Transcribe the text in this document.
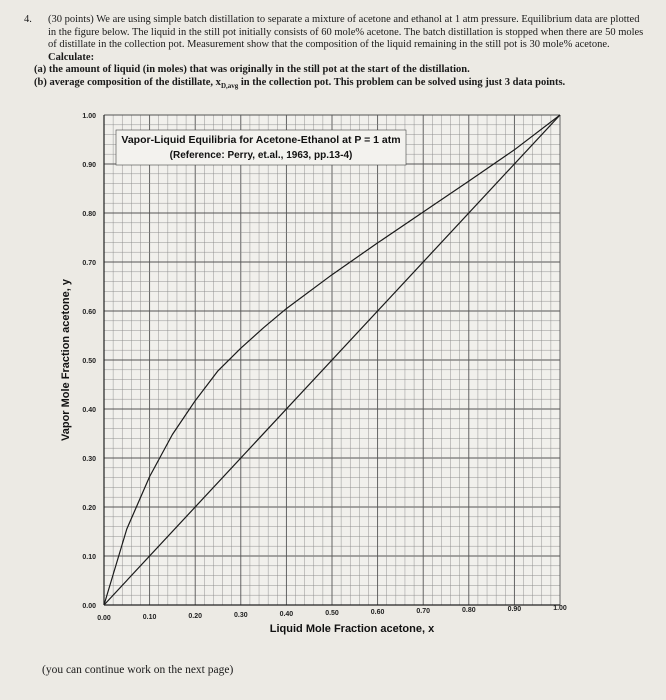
4. (30 points) We are using simple batch distillation to separate a mixture of acetone and ethanol at 1 atm pressure. Equilibrium data are plotted in the figure below. The liquid in the still pot initially consists of 60 mole% acetone. The batch distillation is stopped when there are 50 moles of distillate in the collection pot. Measurement show that the composition of the liquid remaining in the still pot is 30 mole% acetone. Calculate:
(a) the amount of liquid (in moles) that was originally in the still pot at the start of the distillation.
(b) average composition of the distillate, $x_{D,avg}$ in the collection pot. This problem can be solved using just 3 data points.
0.00	0.10	0.20	0.30	0.40	0.50	0.60	0.70	0.80	0.90	1.00
0.00
0.10
0.20
0.30
0.40
0.50
0.60
0.70
0.80
0.90
1.00
Vapor-Liquid Equilibria for Acetone-Ethanol at P = 1 atm
(Reference: Perry, et.al., 1963, pp.13-4)
Liquid Mole Fraction acetone, x
Vapor Mole Fraction acetone, y
(you can continue work on the next page)
